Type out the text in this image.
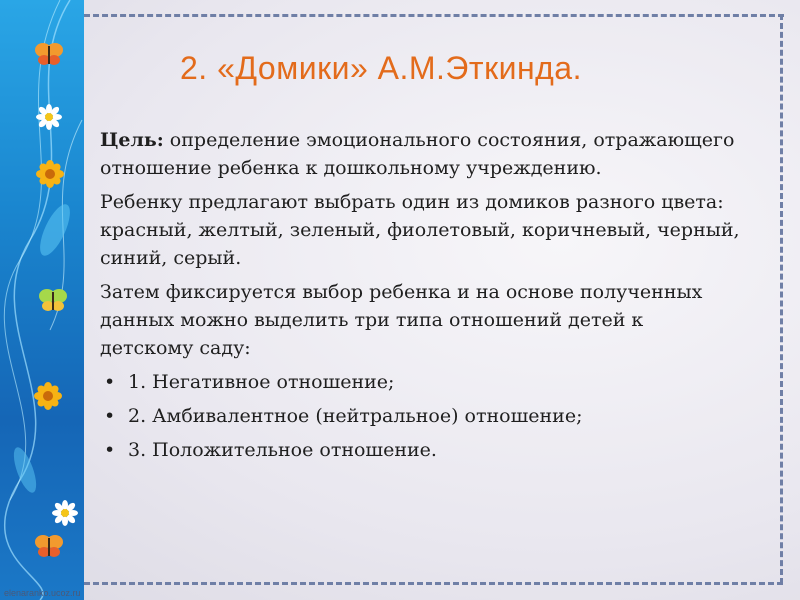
2. «Домики» А.М.Эткинда.

Цель: определение эмоционального состояния, отражающего отношение ребенка к дошкольному учреждению.

Ребенку предлагают выбрать один из домиков разного цвета: красный, желтый, зеленый, фиолетовый, коричневый, черный, синий, серый.

Затем фиксируется выбор ребенка и на основе полученных данных можно выделить три типа отношений детей к детскому саду:

• 1. Негативное отношение;
• 2. Амбивалентное (нейтральное) отношение;
• 3. Положительное отношение.
elenaranko.ucoz.ru
